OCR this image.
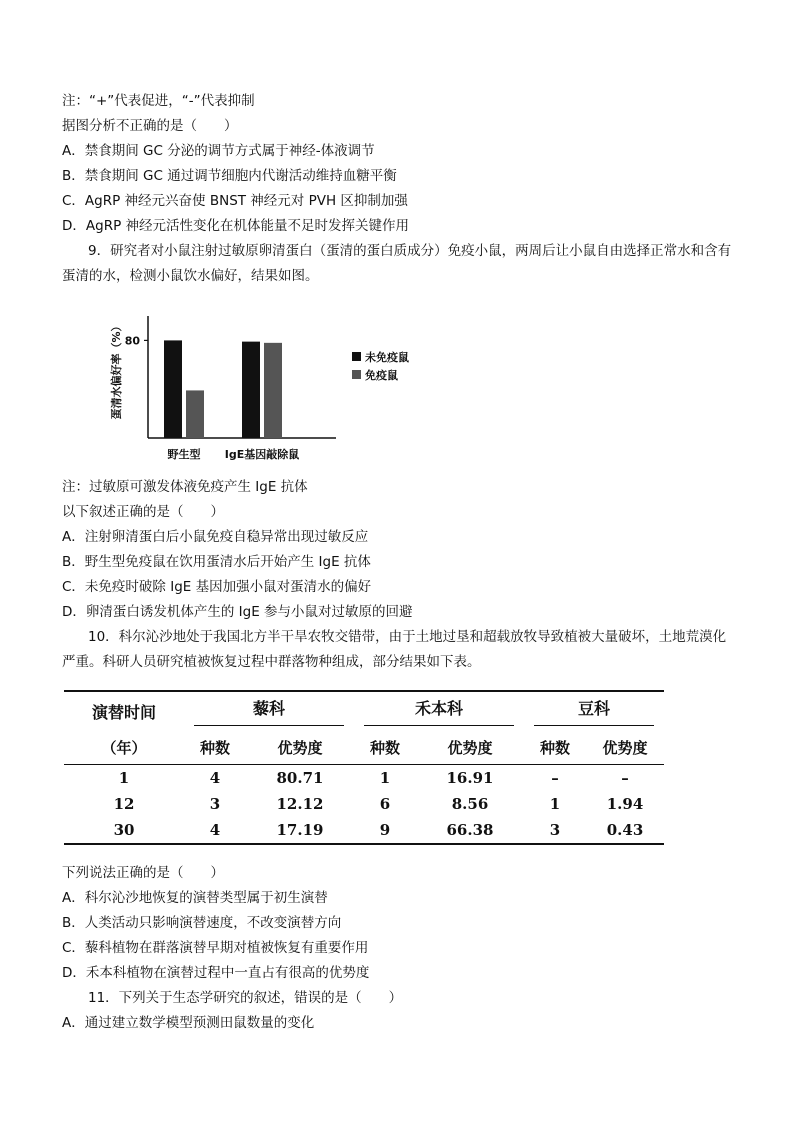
注：“+”代表促进，“-”代表抑制
据图分析不正确的是（　　）
A．禁食期间 GC 分泌的调节方式属于神经-体液调节
B．禁食期间 GC 通过调节细胞内代谢活动维持血糖平衡
C．AgRP 神经元兴奋使 BNST 神经元对 PVH 区抑制加强
D．AgRP 神经元活性变化在机体能量不足时发挥关键作用
9．研究者对小鼠注射过敏原卵清蛋白（蛋清的蛋白质成分）免疫小鼠，两周后让小鼠自由选择正常水和含有
蛋清的水，检测小鼠饮水偏好，结果如图。
蛋清水偏好率（%） 80
野生型 IgE基因敲除鼠
未免疫鼠
免疫鼠
注：过敏原可激发体液免疫产生 IgE 抗体
以下叙述正确的是（　　）
A．注射卵清蛋白后小鼠免疫自稳异常出现过敏反应
B．野生型免疫鼠在饮用蛋清水后开始产生 IgE 抗体
C．未免疫时破除 IgE 基因加强小鼠对蛋清水的偏好
D．卵清蛋白诱发机体产生的 IgE 参与小鼠对过敏原的回避
10．科尔沁沙地处于我国北方半干旱农牧交错带，由于土地过垦和超载放牧导致植被大量破坏，土地荒漠化
严重。科研人员研究植被恢复过程中群落物种组成，部分结果如下表。
演替时间	藜科		禾本科		豆科	
（年）	种数	优势度	种数	优势度	种数	优势度
1	4	80.71	1	16.91	–	–
12	3	12.12	6	8.56	1	1.94
30	4	17.19	9	66.38	3	0.43
下列说法正确的是（　　）
A．科尔沁沙地恢复的演替类型属于初生演替
B．人类活动只影响演替速度，不改变演替方向
C．藜科植物在群落演替早期对植被恢复有重要作用
D．禾本科植物在演替过程中一直占有很高的优势度
11．下列关于生态学研究的叙述，错误的是（　　）
A．通过建立数学模型预测田鼠数量的变化
